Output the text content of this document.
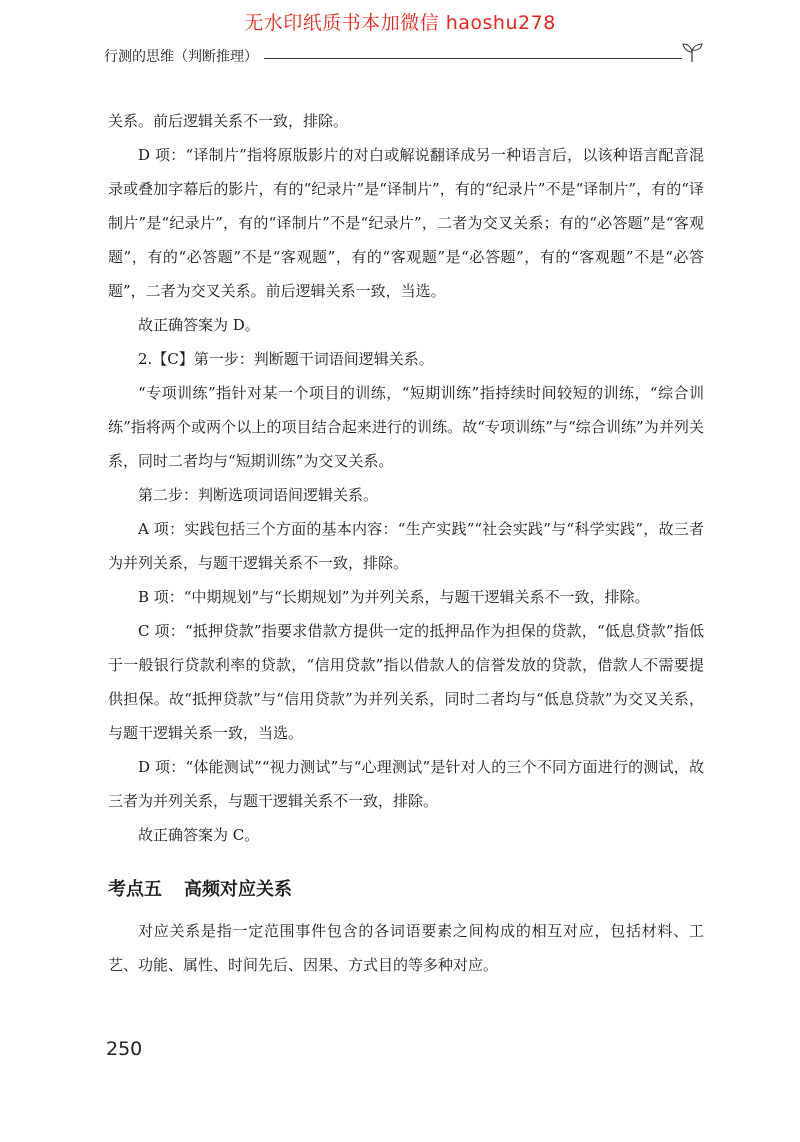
无水印纸质书本加微信 haoshu278
行测的思维（判断推理）

关系。前后逻辑关系不一致，排除。

D 项：“译制片”指将原版影片的对白或解说翻译成另一种语言后，以该种语言配音混录或叠加字幕后的影片，有的“纪录片”是“译制片”，有的“纪录片”不是“译制片”，有的“译制片”是“纪录片”，有的“译制片”不是“纪录片”，二者为交叉关系；有的“必答题”是“客观题”，有的“必答题”不是“客观题”，有的“客观题”是“必答题”，有的“客观题”不是“必答题”，二者为交叉关系。前后逻辑关系一致，当选。

故正确答案为 D。

2.【C】第一步：判断题干词语间逻辑关系。

“专项训练”指针对某一个项目的训练，“短期训练”指持续时间较短的训练，“综合训练”指将两个或两个以上的项目结合起来进行的训练。故“专项训练”与“综合训练”为并列关系，同时二者均与“短期训练”为交叉关系。

第二步：判断选项词语间逻辑关系。

A 项：实践包括三个方面的基本内容：“生产实践”“社会实践”与“科学实践”，故三者为并列关系，与题干逻辑关系不一致，排除。

B 项：“中期规划”与“长期规划”为并列关系，与题干逻辑关系不一致，排除。

C 项：“抵押贷款”指要求借款方提供一定的抵押品作为担保的贷款，“低息贷款”指低于一般银行贷款利率的贷款，“信用贷款”指以借款人的信誉发放的贷款，借款人不需要提供担保。故“抵押贷款”与“信用贷款”为并列关系，同时二者均与“低息贷款”为交叉关系，与题干逻辑关系一致，当选。

D 项：“体能测试”“视力测试”与“心理测试”是针对人的三个不同方面进行的测试，故三者为并列关系，与题干逻辑关系不一致，排除。

故正确答案为 C。

考点五 高频对应关系

对应关系是指一定范围事件包含的各词语要素之间构成的相互对应，包括材料、工艺、功能、属性、时间先后、因果、方式目的等多种对应。

250
